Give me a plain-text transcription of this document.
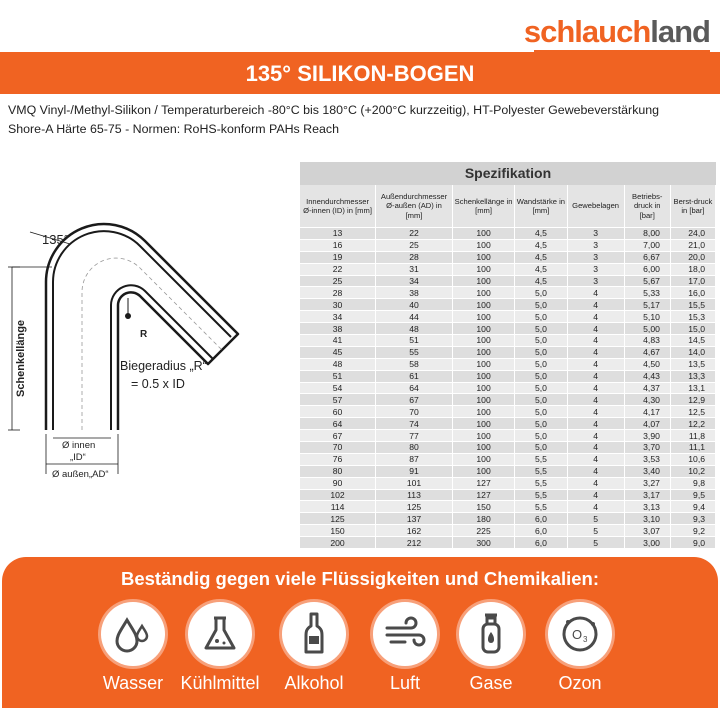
schlauch land
135° SILIKON-BOGEN
VMQ Vinyl-/Methyl-Silikon / Temperaturbereich -80°C bis 180°C (+200°C kurzzeitig), HT-Polyester Gewebeverstärkung
Shore-A Härte 65-75 - Normen: RoHS-konform PAHs Reach
135°
Schenkellänge	R
Biegeradius „R“
= 0.5 x ID
Ø innen
„ID“
Ø außen„AD“
Spezifikation
Innendurchmesser Ø-innen (ID) in [mm]	Außendurchmesser Ø-außen (AD) in [mm]	Schenkellänge in [mm]	Wandstärke in [mm]	Gewebelagen	Betriebs-druck in [bar]	Berst-druck in [bar]
13	22	100	4,5	3	8,00	24,0
16	25	100	4,5	3	7,00	21,0
19	28	100	4,5	3	6,67	20,0
22	31	100	4,5	3	6,00	18,0
25	34	100	4,5	3	5,67	17,0
28	38	100	5,0	4	5,33	16,0
30	40	100	5,0	4	5,17	15,5
34	44	100	5,0	4	5,10	15,3
38	48	100	5,0	4	5,00	15,0
41	51	100	5,0	4	4,83	14,5
45	55	100	5,0	4	4,67	14,0
48	58	100	5,0	4	4,50	13,5
51	61	100	5,0	4	4,43	13,3
54	64	100	5,0	4	4,37	13,1
57	67	100	5,0	4	4,30	12,9
60	70	100	5,0	4	4,17	12,5
64	74	100	5,0	4	4,07	12,2
67	77	100	5,0	4	3,90	11,8
70	80	100	5,0	4	3,70	11,1
76	87	100	5,5	4	3,53	10,6
80	91	100	5,5	4	3,40	10,2
90	101	127	5,5	4	3,27	9,8
102	113	127	5,5	4	3,17	9,5
114	125	150	5,5	4	3,13	9,4
125	137	180	6,0	5	3,10	9,3
150	162	225	6,0	5	3,07	9,2
200	212	300	6,0	5	3,00	9,0
Beständig gegen viele Flüssigkeiten und Chemikalien:
O 3
Wasser Kühlmittel	Alkohol	Luft	Gase	Ozon
